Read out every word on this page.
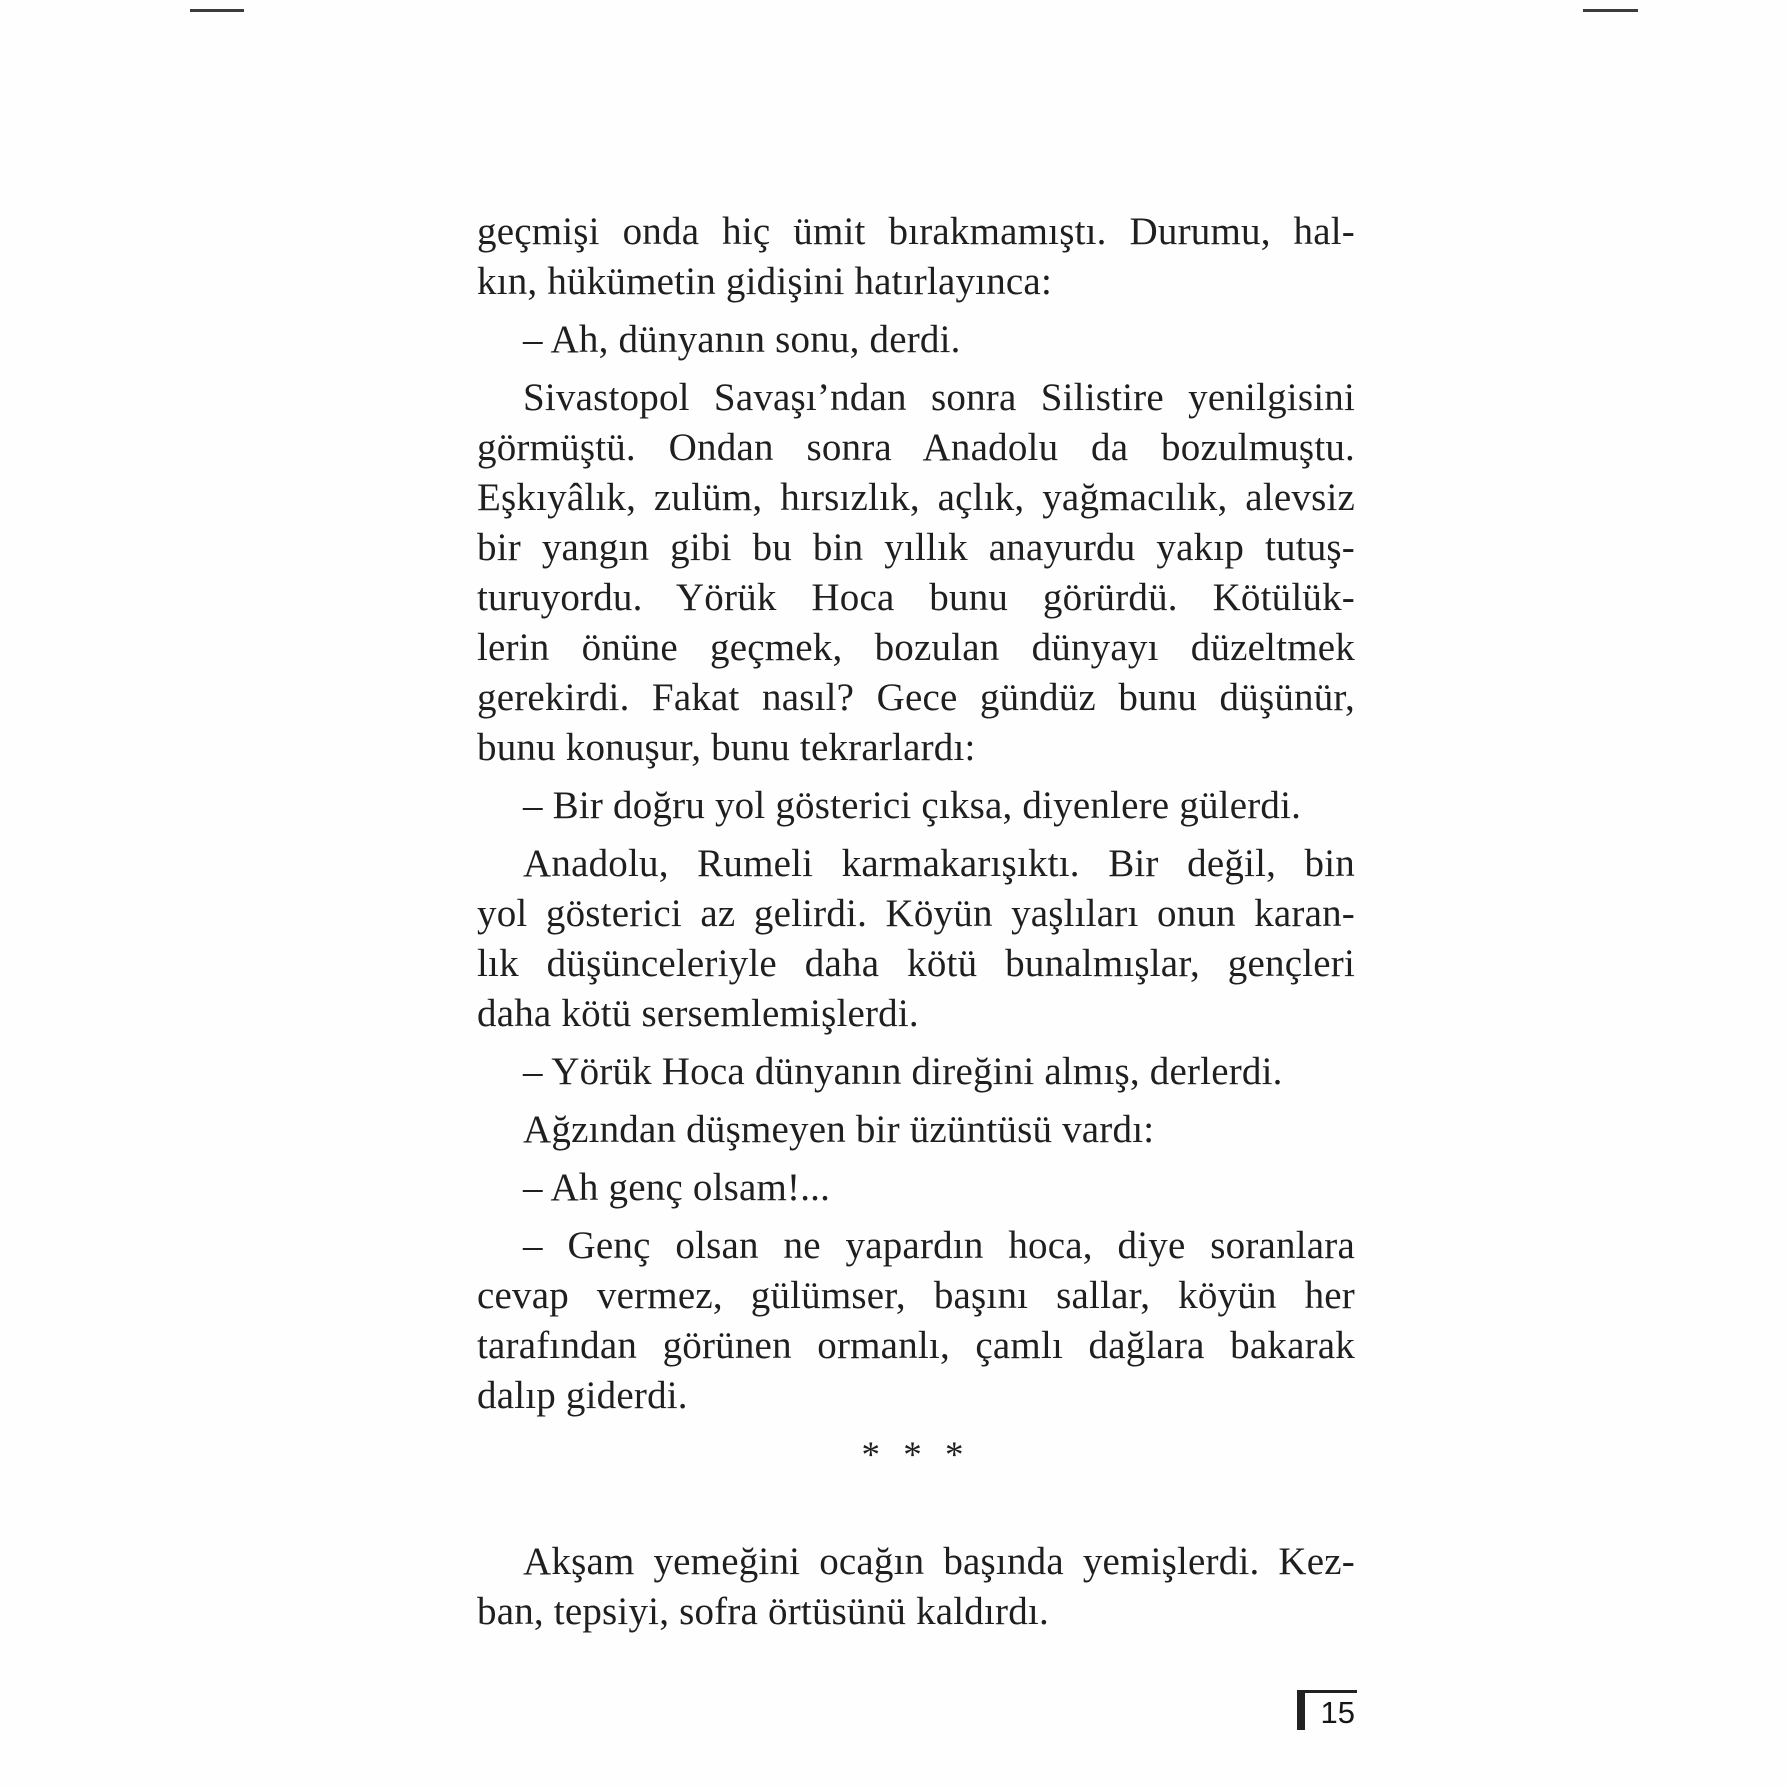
geçmişi onda hiç ümit bırakmamıştı. Durumu, hal-
kın, hükümetin gidişini hatırlayınca:
– Ah, dünyanın sonu, derdi.
Sivastopol Savaşı’ndan sonra Silistire yenilgisini
görmüştü. Ondan sonra Anadolu da bozulmuştu.
Eşkıyâlık, zulüm, hırsızlık, açlık, yağmacılık, alevsiz
bir yangın gibi bu bin yıllık anayurdu yakıp tutuş-
turuyordu. Yörük Hoca bunu görürdü. Kötülük-
lerin önüne geçmek, bozulan dünyayı düzeltmek
gerekirdi. Fakat nasıl? Gece gündüz bunu düşünür,
bunu konuşur, bunu tekrarlardı:
– Bir doğru yol gösterici çıksa, diyenlere gülerdi.
Anadolu, Rumeli karmakarışıktı. Bir değil, bin
yol gösterici az gelirdi. Köyün yaşlıları onun karan-
lık düşünceleriyle daha kötü bunalmışlar, gençleri
daha kötü sersemlemişlerdi.
– Yörük Hoca dünyanın direğini almış, derlerdi.
Ağzından düşmeyen bir üzüntüsü vardı:
– Ah genç olsam!...
– Genç olsan ne yapardın hoca, diye soranlara
cevap vermez, gülümser, başını sallar, köyün her
tarafından görünen ormanlı, çamlı dağlara bakarak
dalıp giderdi.
* * *
Akşam yemeğini ocağın başında yemişlerdi. Kez-
ban, tepsiyi, sofra örtüsünü kaldırdı.
15
